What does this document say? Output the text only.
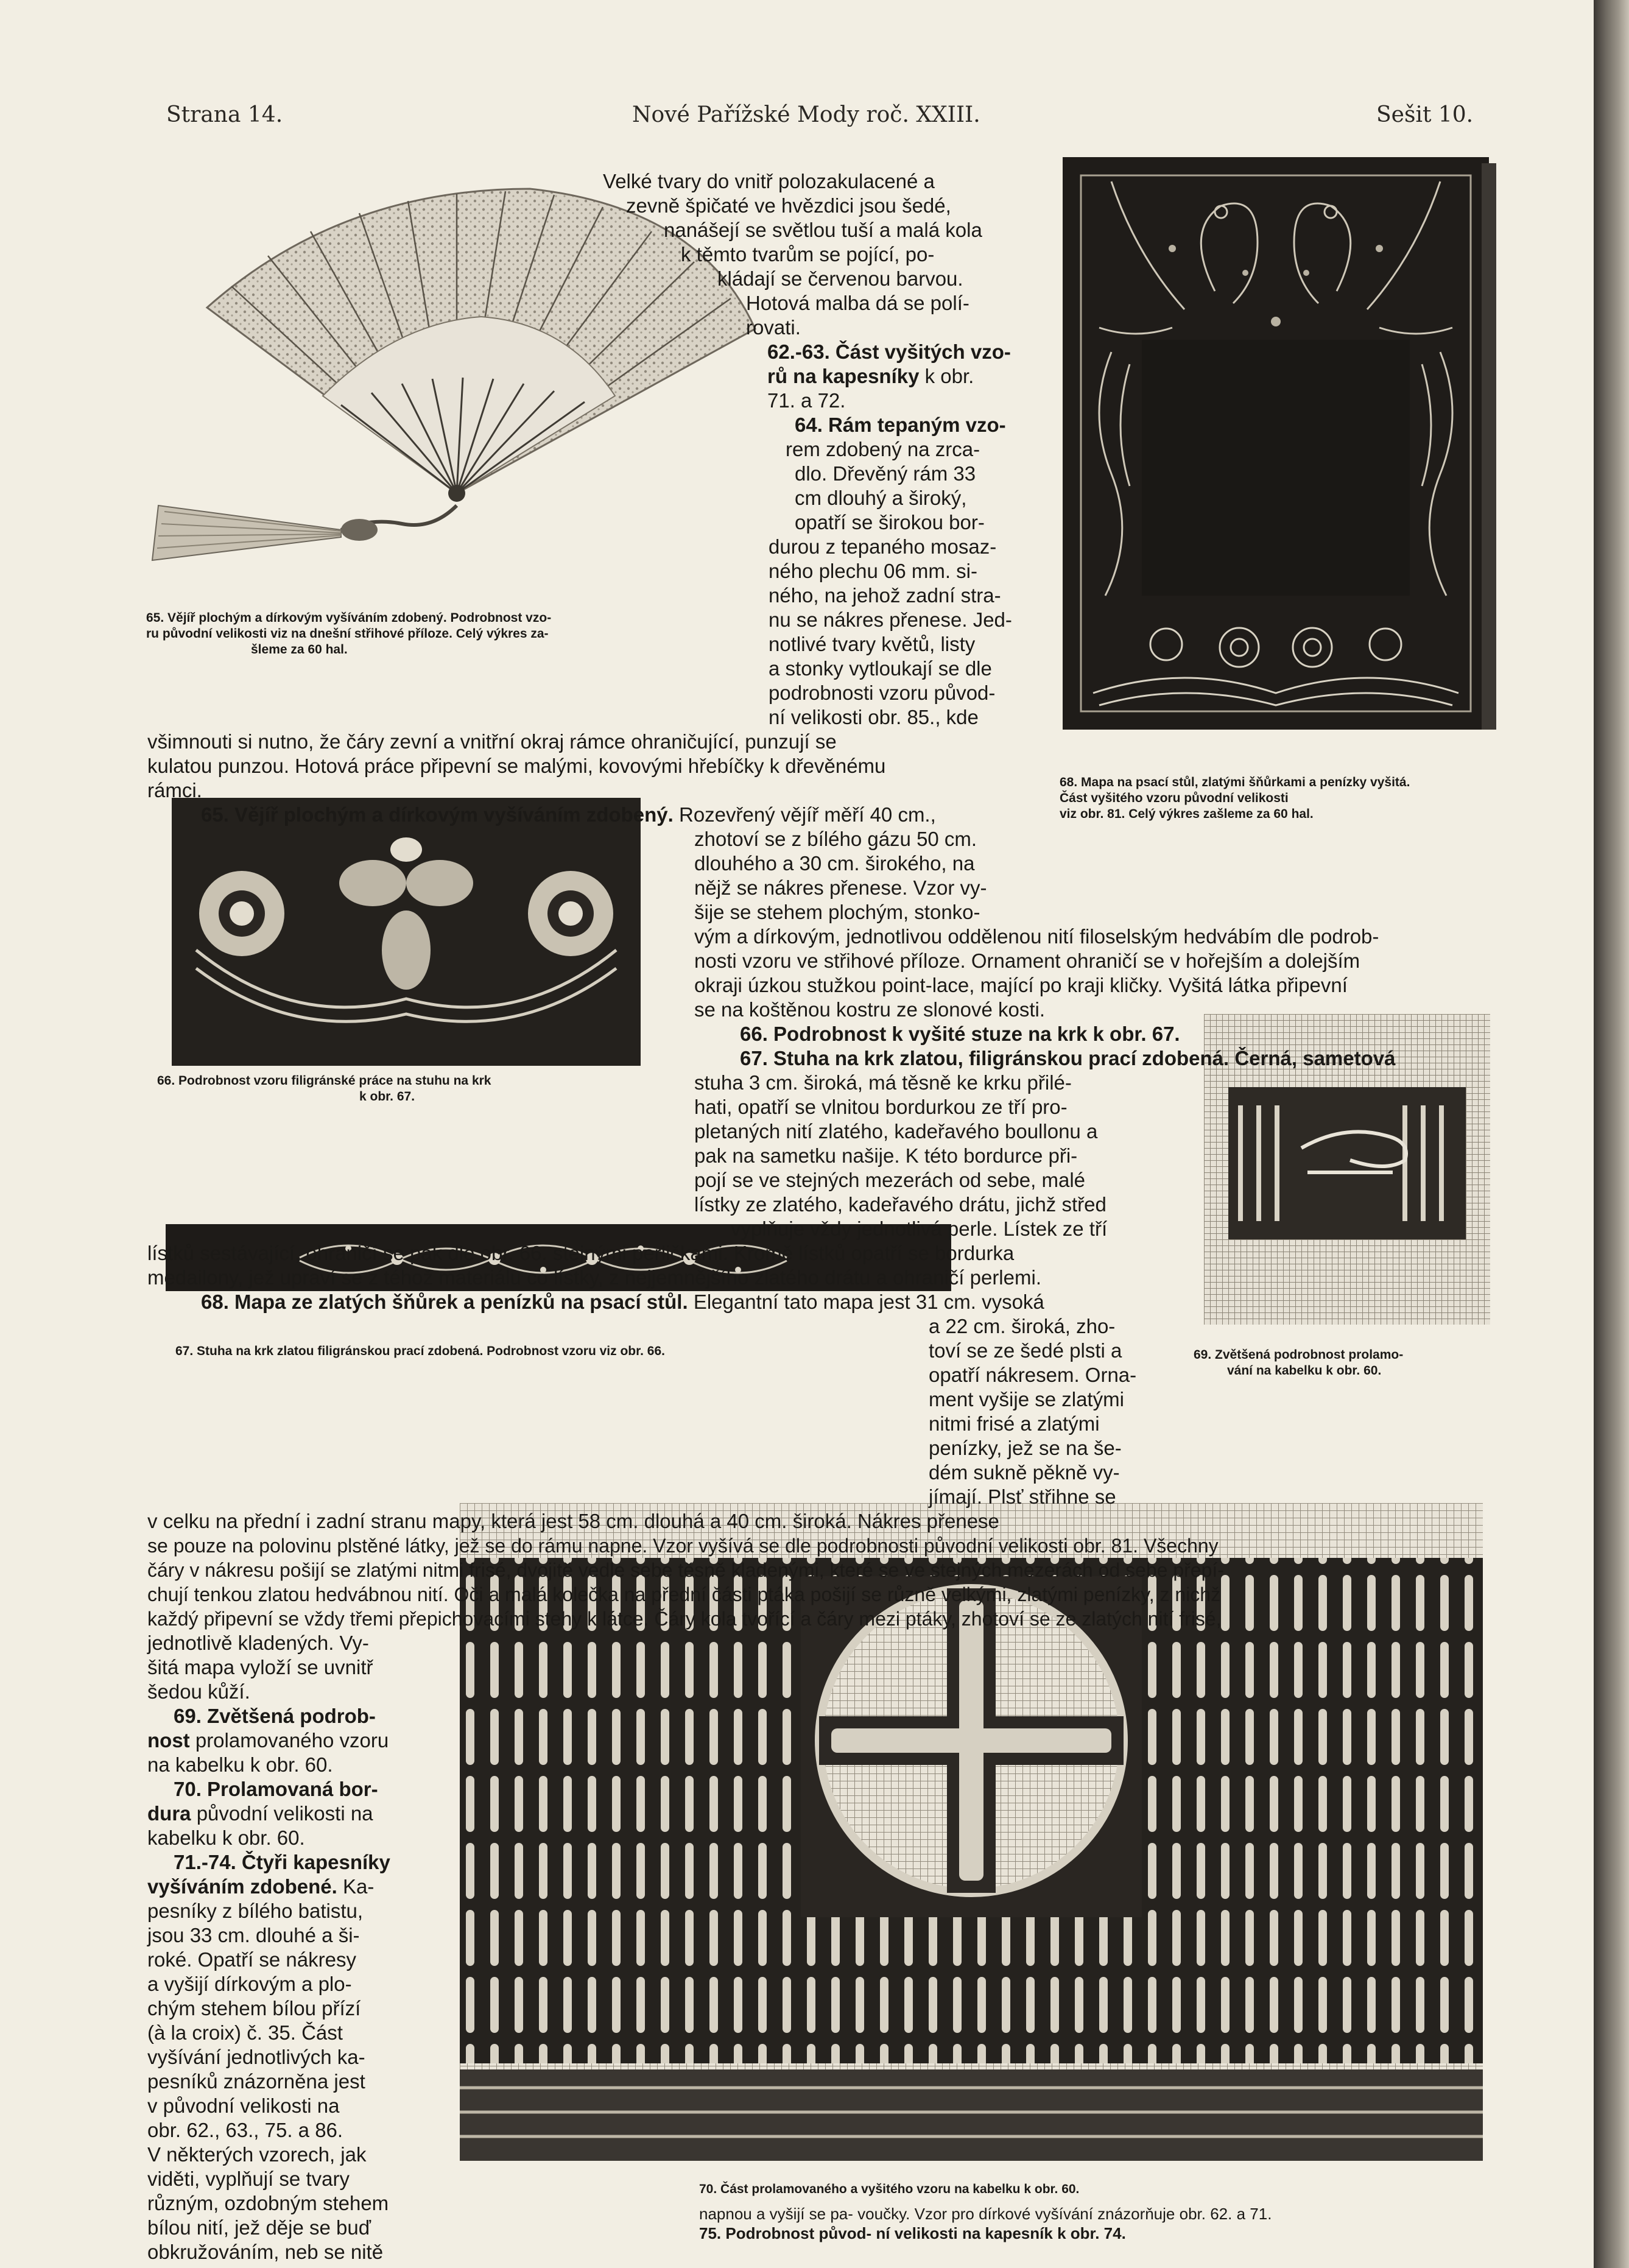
Strana 14.	Nové Pařížské Mody roč. XXIII.	Sešit 10.
65. Vějíř plochým a dírkovým vyšíváním zdobený. Podrobnost vzo-
ru původní velikosti viz na dnešní střihové příloze. Celý výkres za-
šleme za 60 hal.
68. Mapa na psací stůl, zlatými šňůrkami a penízky vyšitá.
Část vyšitého vzoru původní velikosti
viz obr. 81. Celý výkres zašleme za 60 hal.
66. Podrobnost vzoru filigránské práce na stuhu na krk
k obr. 67.
69. Zvětšená podrobnost prolamo-
vání na kabelku k obr. 60.
67. Stuha na krk zlatou filigránskou prací zdobená. Podrobnost vzoru viz obr. 66.
70. Část prolamovaného a vyšitého vzoru na kabelku k obr. 60.
Velké tvary do vnitř polozakulacené a
zevně špičaté ve hvězdici jsou šedé,
nanášejí se světlou tuší a malá kola
k těmto tvarům se pojící, po-
kládají se červenou barvou.
Hotová malba dá se polí-
rovati.
62.-63. Část vyšitých vzo-
rů na kapesníky k obr.
71. a 72.
64. Rám tepaným vzo-
rem zdobený na zrca-
dlo. Dřevěný rám 33
cm dlouhý a široký,
opatří se širokou bor-
durou z tepaného mosaz-
ného plechu 06 mm. si-
ného, na jehož zadní stra-
nu se nákres přenese. Jed-
notlivé tvary květů, listy
a stonky vytloukají se dle
podrobnosti vzoru původ-
ní velikosti obr. 85., kde
všimnouti si nutno, že čáry zevní a vnitřní okraj rámce ohraničující, punzují se
kulatou punzou. Hotová práce připevní se malými, kovovými hřebíčky k dřevěnému
rámci.
65. Vějíř plochým a dírkovým vyšíváním zdobený. Rozevřený vějíř měří 40 cm.,
zhotoví se z bílého gázu 50 cm.
dlouhého a 30 cm. širokého, na
nějž se nákres přenese. Vzor vy-
šije se stehem plochým, stonko-
vým a dírkovým, jednotlivou oddělenou nití filoselským hedvábím dle podrob-
nosti vzoru ve střihové příloze. Ornament ohraničí se v hořejším a dolejším
okraji úzkou stužkou point-lace, mající po kraji kličky. Vyšitá látka připevní
se na koštěnou kostru ze slonové kosti.
66. Podrobnost k vyšité stuze na krk k obr. 67.
67. Stuha na krk zlatou, filigránskou prací zdobená. Černá, sametová
stuha 3 cm. široká, má těsně ke krku přilé-
hati, opatří se vlnitou bordurkou ze tří pro-
pletaných nití zlatého, kadeřavého boullonu a
pak na sametku našije. K této bordurce při-
pojí se ve stejných mezerách od sebe, malé
lístky ze zlatého, kadeřavého drátu, jichž střed
vyplňuje vždy jednotlivá perle. Lístek ze tří
lístků sestávající, ohraničí se pak dle obr. 66. stejnými perličkami. Kromě lístků opatří se bordurka
medailony, jež upraví se z téhož materiálu co lístky, z nejjemnějšího zlatého drátu a ohraničí perlemi.
68. Mapa ze zlatých šňůrek a penízků na psací stůl. Elegantní tato mapa jest 31 cm. vysoká
a 22 cm. široká, zho-
toví se ze šedé plsti a
opatří nákresem. Orna-
ment vyšije se zlatými
nitmi frisé a zlatými
penízky, jež se na še-
dém sukně pěkně vy-
jímají. Plsť střihne se
v celku na přední i zadní stranu mapy, která jest 58 cm. dlouhá a 40 cm. široká. Nákres přenese
se pouze na polovinu plstěné látky, jež se do rámu napne. Vzor vyšívá se dle podrobnosti původní velikosti obr. 81. Všechny
čáry v nákresu pošijí se zlatými nitmi frisé, dvojitě vedle sebe těsně kladenými, které se ve stejných mezerách od sebe přepí-
chují tenkou zlatou hedvábnou nití. Oči a malá kolečka na přední části ptáka pošijí se různě velkými, zlatými penízky, z nichž
každý připevní se vždy třemi přepichovacími stehy k látce. Čáry kola tvořící a čáry mezi ptáky, zhotoví se ze zlatých nití frisé,
jednotlivě kladených. Vy-
šitá mapa vyloží se uvnitř
šedou kůží.
69. Zvětšená podrob-
nost prolamovaného vzoru
na kabelku k obr. 60.
70. Prolamovaná bor-
dura původní velikosti na
kabelku k obr. 60.
71.-74. Čtyři kapesníky
vyšíváním zdobené. Ka-
pesníky z bílého batistu,
jsou 33 cm. dlouhé a ši-
roké. Opatří se nákresy
a vyšijí dírkovým a plo-
chým stehem bílou přízí
(à la croix) č. 35. Část
vyšívání jednotlivých ka-
pesníků znázorněna jest
v původní velikosti na
obr. 62., 63., 75. a 86.
V některých vzorech, jak
viděti, vyplňují se tvary
různým, ozdobným stehem
bílou nití, jež děje se buď
obkružováním, neb se nitě
napnou a vyšijí se pa- voučky. Vzor pro dírkové vyšívání znázorňuje obr. 62. a 71.
75. Podrobnost původ- ní velikosti na kapesník k obr. 74.
